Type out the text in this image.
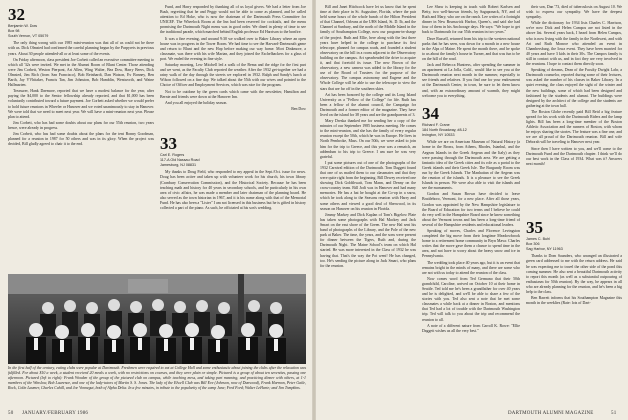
32
Benjamin W. Dow
Box 98
South Vernon, VT 05079

The only thing wrong with our 1985 mini-reunion was that all of us could not be there with us. Dick Olmsted had confirmed the careful planning begun by the Parpyrets in previous years. About 30 people attended-all or at least some of the events.

On Friday afternoon, class president Joe Corbett called an executive committee meeting to which all '32s were invited. We met in the Alumni Room of Blunt Center. Those attending were Jim Corbett, Weston Pierpont, Art Allen, Wing Walter, Bea Dow, Harry Beers, Dick Olmsted, Jim Rich (from San Francisco), Bob Reinhardt, Dan Watson, Ev Bonney, Ben Barth, Jay VVhitaker, Francis Tan, Jim Johnston, Bob Hamblin, Wentworth, and Waine Hallmarten.

Treasurer, Hank Daemore, reported that we have a modest balance for the year, after paying the $4,000 to the Senior fellowship already reported, and that $1,000 has been voluntarily contributed toward a future payment. Joe Corbett asked whether we would prefer to hold future reunions in Wheeler or Hanover and we voted unanimously to stay in Hanover. We were told that we need to meet next year. We will have a mini-reunion next year. Please plan to attend.

Jim Corbett, who has had some doubts about our plans for our 55th reunion, two years hence, were already in progress.

Jim Corbett, who has had some doubts about the plans for the tent Bonny Goodman, planned for a reunion in 1987 for 50 others and was in its glory. When the project was decided, Bill gladly agreed to chair it to the end.

Fund, and Harry responded by thanking all of us loyal givers. We had a letter from Joe Bush, regretting that he and Peggy would not be able to come as planned, and he called attention to Ed Hoke, who is now the chairman of the Dartmouth Press Committee for UNICEF. The Wheelock Room at the Inn had been reserved for cocktails, and the menu promising the Dartmouth Night menu was in good order. We dined in plenty of time to see the traditional parade, which marched behind English professor Ed Harrison to the bonfire.

It was a fine evening, and around 9:30 we walked over to Baker Library where an open house was in progress in the Tower Room. We had time to see the Harvard-Dartmouth game and return to Blunt and the new Hop before making our way home. Mort Dinkmore, a classmate, was there with his wife Marian, and they joined the Eschelbackers for a glass of port. We ended the evening in fine style.

Saturday morning, Lew Mitchell led a walk of the Bema and the ridge for the first part and we went, as the Faculty Club reported the weather. After the 1932 get-together we had a rainy walk of the day through the streets we explored in 1932. Ralph and Sandy's lunch at Wilson followed on a fine day. We talked about the 55th with our wives and pointed to the Choice of Officer and Employment Services, which was nice for the program.

Not to be outdone by the green cards which came with the newsletter, Hamilton and Bernie and friends were down at the Hanover Inn.

And you all enjoyed the holiday season.

Ben Dow

33
Carl E. Rogers
117-A Old Nassau Road
Jamesburg, NJ 08831

My thanks to Doug Field, who responded to my appeal in the Sept./Oct. issue for news. Doug has been active and taken up with volunteer work for his church, his town library (Cranbury Conservation Commission), and the Historical Society. Because he has been teaching math and history for 40 years in secondary schools, and he particularly in his own area of civic affairs, he was made a member and later chairman of the planning board. He also served as the town historian in 1967, and it is his name along with that of the Memorial Fund. He has also been a "Lister" I am not licensed in this business but he is gifted in history collected a part of the piano. As such, he officiated at his son's wedding.

In the first half of the century, eating clubs were popular at Dartmouth. Freshmen were required to eat at College Hall and some enthusiastic about joining the clubs after the relaxation was fulfilled. For about $10 a week, a student received 20 meals a week, with no restrictions on courses, and they were plain or simple. Pictured is a group of about ten seventies, passing one afternoon. Pictured (left to right): Frank Wooden of the group of the pictured club on campus, while teaching mess, and taking part meaning, and practicing dinner with others, at 1-1 members of the Winslow, Bob Laurence, and one of the lady-tutors of Martin S. S. Jones. The lady of the Elwell Club was Bill Eve (Johnson, now of Dunwood), Frank Harmon, Peter Gaile, Rock, Colin Laumer, Charles Cahill, and Joe Vonnegut, both of Alpha Delta. In a few minutes, in tribute to the popularity of the camp Jane; Fred Ford; Walter LeHarte; and Jim Tompkins.
50 JANUARY/FEBRUARY 1986

Bill and Janet Hitchcock have let us know that he spent time at their place in St. Augustine, Florida, where the pair held some hours of the whole bunch of the Hilton President of that Channel, Orleans at the UHS Island, St. D. Ib, and the Channel at Sunbury, and the north of the Middle Island in the family of Southampton College, now our program-in-charge of the project. Ruth and Ellie, here along with the last three years have helped in the college to purchase its first telescope, planned for campus roads, and founded a student observatory on the hill in a room adjacent to the Observatory building on the campus. Art spearheaded the drive to acquire it, and that foretold its issue. The new Brown of the observatory, a new camera was added to the library for the use of the Board of Trustees for the purpose of the observatory. The campus astronomy and Eugene and the Whole College will be able to use the telescope to view the stars that are far off in the southern skies.

Art has been honored by the college and its Long Island University as a "Fellow of the College" for life. Ruth has been a fellow of the alumni council, the Campaign for Dartmouth and a former editor of the magazine. They have lived on the island for 38 years and are the grandparents of 3.

Mary Dreska thanked me for sending her a copy of the minutes of our September 1985 business meeting. He comes to the mini-reunion, and she has the family of every regular reunion except the 50th, which he was in Europe. He lives in North Pembroke, Mass. On our 50th, we were asked to join him for the trip to Greece, and this year was a rematch, an addendum to his trip to Greece. I am sure he was very grateful.

I put some pictures out of one of the photographs of the 1932 Carnival edition of the Dartmouth. Tom Daggett found that one of us mailed them to our classmates and that they were quite right from the beginning. Bill Dewey received one showing Dick Goldthwait, Tom Mann, and Denny on the cross-country team. Bill Jodi was in Hanover and had many memories. He has a hat he bought at the Co-op in a snow, which he took along to the Seasons reunion with Harry and some others and viewed a good deal of Sherwood, in its season on Hanover on his reunion in Florida.

Jimmy Markey and Dick Kaplan of Tom's Bigelow Plate has taken some photographs with Hal Mackey and Jack Smart on the east shore of the Green. The new Hal sent his band of photographs of the Library, and the Pole of the new park at Baker. The time, the years, and the sons were present for dinner between the Tigers, Ruth and, during the Dartmouth Night. The Maine School's team on which Hal started. He was more interested in the Class of 1932 he was having that. That's the way the Pot went! He has changed, too. He's sending the picture along in Jack Smart, who plans for the reunion.

Lee Shaw is keeping in touch with Robert Karlsen and Betty, two well-known friends, by Sagaponack, NY, and of Ruth and Mary, who are on the ranch. Lee writes of a fortnight dinner in New Brunswick Harbor, Queen's, and said she had four of them in his Anchorage days. He says: "We hope to get back to Dartmouth for our 55th reunion in two years."

Dave Russell, returned from his trip to the western national parks that he has seen, was down for a month in a new house in the Alps of Maine. He spent the month there, and he spoke to us about the family's house in Turner, and that was fun to be on the hill of the road.

Jack and Rebecca Huntress, after spending the summer in an apartment at La Jolla, Calif., would like to see you at the Dartmouth reunion next month in the summer, especially to see friends and relatives. If you find one for your endowment at the Dartmouth Center, in town, be sure to let them know and, with an extraordinary amount of warmth, they might welcome you to everything.

34
Richard F. Crane
184 North Broadway, #8-12
Irvington, NY 10533

While we are on American Museum of Natural History (a home in the Bronx, from Athens, Rhodes, Istanbul, and the Aegean Islands in the Greek Aegean and the Italy) as they were passing through the Dartmouth area. We are getting a fantastic idea of the Greek cities and its role as a portal to the Greek islands and their Greek Isle. The Burgundy Room was run by the Greek Islands. The Manhattan of the Aegean was the reunion of the islands. It is a pleasure to see the Greek Islands in person. We were also able to visit the islands and see the monuments.

Gordon and Susan Brown have decided to leave Brattleboro, Vermont, for a new place. After all those years, Gordon was appointed by the New Hampshire legislature to the Board of Education for two terms and I believe he could do very well in the Hampshire Board since he knew something about the Vermont towns and has been a long-time friend of several of the Hampshire residents and educational leaders.

Speaking of moves, Charles and Florence Levingston completed the big move from their longtime Meadowbrook home to a retirement home community in Bryn Mawr. Charles writes that the move gave them a chance to spend time in the area, and not have to worry about the heavy snow and ice in Pennsylvania.

The wedding took place 40 years ago, but it is an event that remains bright in the minds of many, and there are some who are not with us today to attend the reunion of the class.

Now comes word from Ted Germano that their 50th grandchild, Caroline, arrived on October 10 at their home in Seattle. Ted told me he's been a grandfather for over 40 years and he is delighted, and we'll be able to share a few of the stories with you. Ted also sent a note that he met some classmates a while back at a dinner in Boston, and mentions that Ted had a lot of trouble with the Dartmouth Washington trip. Ted will talk to you about the trip and recommend the reunion to all.

A note of a different nature from Carroll K. Rowe: "Ellie Daggett wishes us all the very best."

their son, Dan '73, died of tuberculosis on August 10. We wish to express our sympathy. We have the deepest sympathy.

While the dictionary for 1934 lists Charles C. Harrison, we're now Dick and Helen Campos are not listed in the above list. Several years back, I heard from Helen Campos, who is now living with the family in the Northwest, and with Art and Ruth Monroe who attended an event in Chambersburg, the Iowa event. They have been married for 40 years and have 3 kids in their 30s. The Campos family is still in contact with us, and in fact they are very involved in the reunions. I hope to contact them directly soon.

Speaking of dreams, Dean of the Faculty Dwight Lahr, a Dartmouth counselor, reported during some of their lectures, was asked the number of his classes in Baker Library. In a quiet evening, the class enjoyed the sight of the winter and the new buildings, some of which had been designed and fashioned by the students and alumni. The buildings were designed by the architect of the college and the students are gathering at the town hall.

The Boston Globe recently paid Bill Reid a big feature spread for his work with the Dartmouth Riders and the lamp lights. Bill has been a long-time member of the Boston Athletic Association and the runners of Boston, with whom he enjoys sharing the stories. The feature was a fine one, and we are all proud of the Dartmouth reunion. Bill and wife Deborah will be traveling to Hanover next year.

Since then I have written to you, and we'll come to the Dartmouth Fund and the Dartmouth chapter. I think we'll do our best work in the Class of 1934. What was it? Answers next month!

35
James C. Buhl
Box 306
Sag Harbor, NY 11963

Thanks to Dom Saunders, who arranged an illustrated a green card addressed to me with the return address. He said he was expecting me to travel the other side of the pond this coming summer. He also sent a beautiful Dartmouth activity to report this month (as well as a substantial outpouring of enthusiasm for 50th reunion). By the way, he appears in all who are already planning for the reunion, and he's been a big help to the class.

Ben Barreit informs that his Southampton Magazine this month in the weeklies (Rate: lots of Dart-

DARTMOUTH ALUMNI MAGAZINE	51
